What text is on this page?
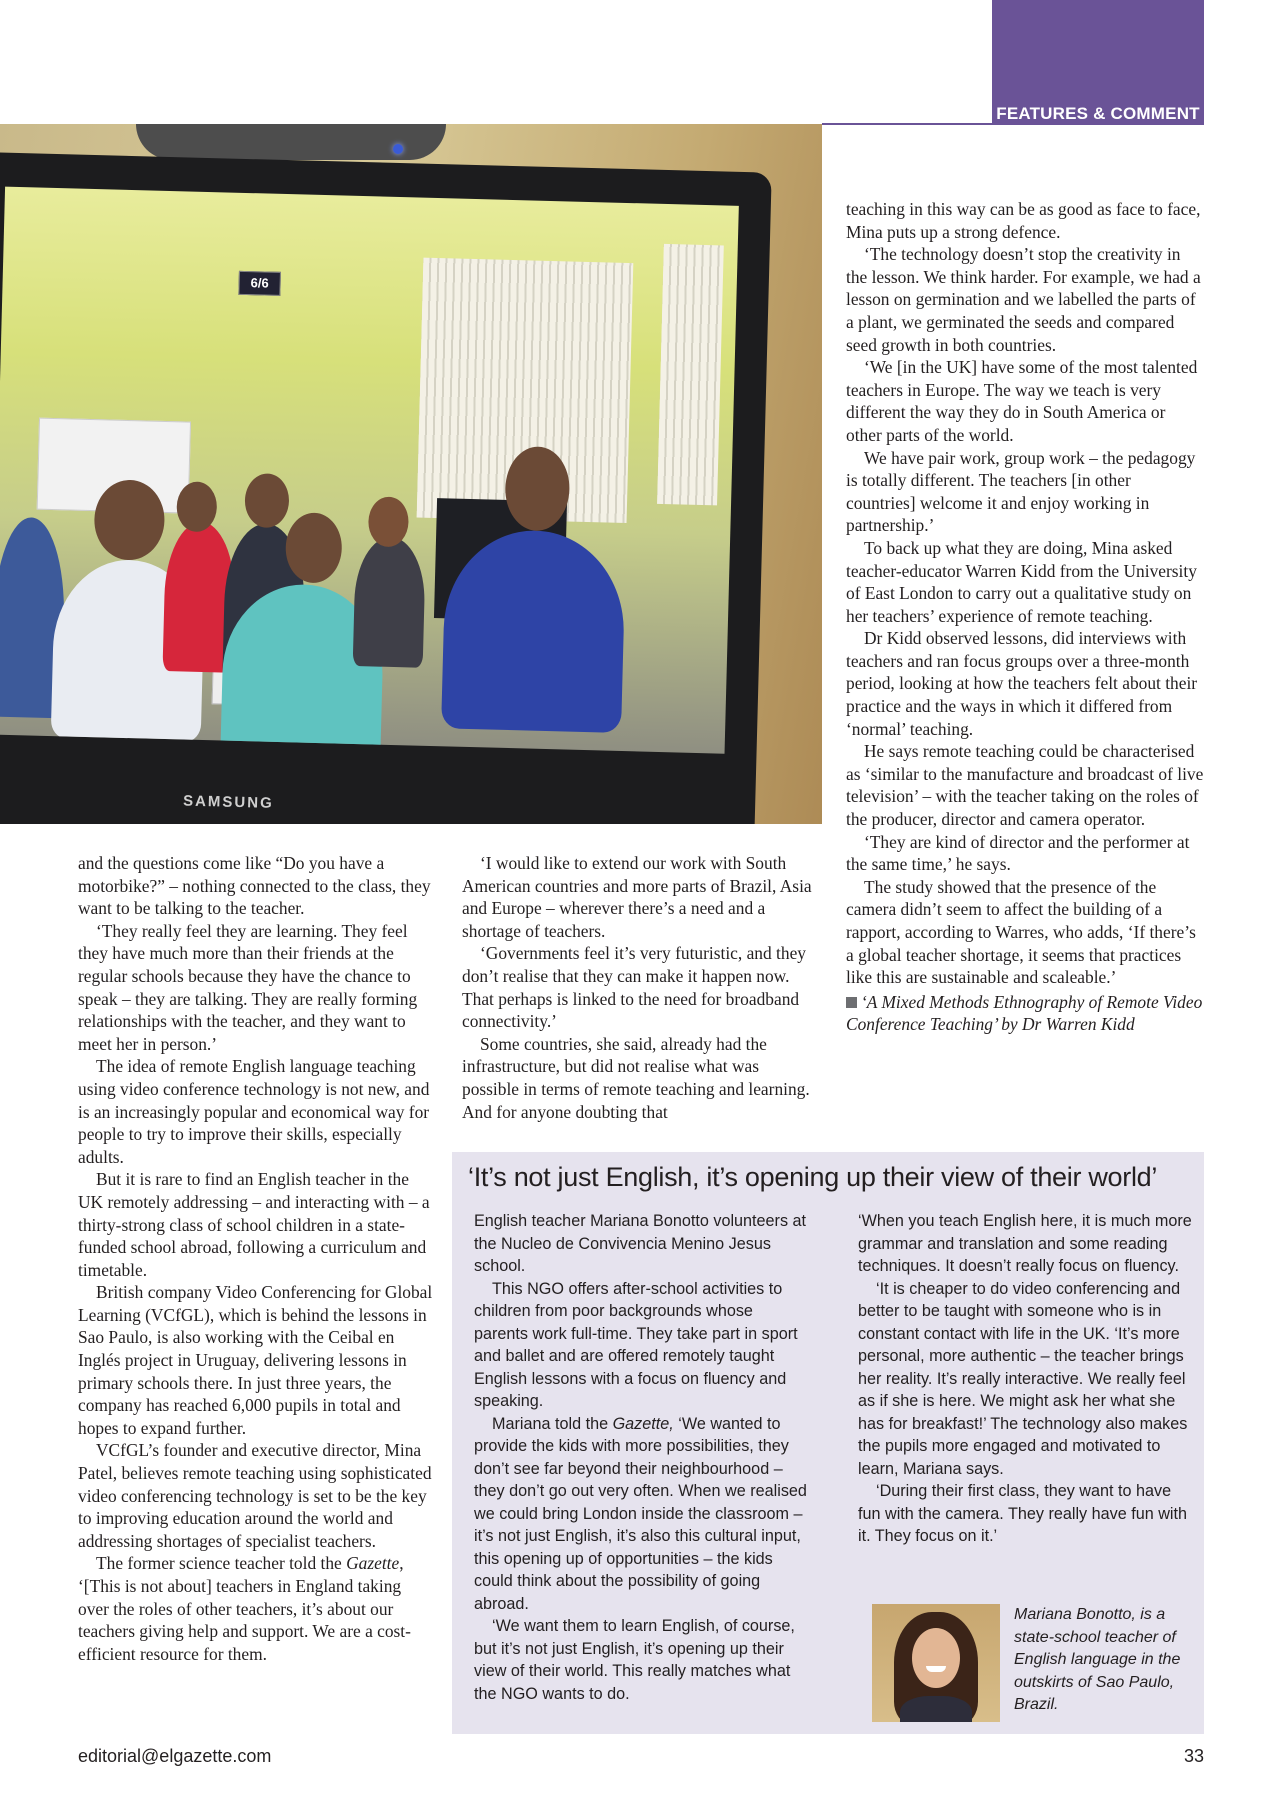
FEATURES & COMMENT
6/6
SAMSUNG

and the questions come like “Do you have a motorbike?” – nothing connected to the class, they want to be talking to the teacher.

‘They really feel they are learning. They feel they have much more than their friends at the regular schools because they have the chance to speak – they are talking. They are really forming relationships with the teacher, and they want to meet her in person.’

The idea of remote English language teaching using video conference technology is not new, and is an increasingly popular and economical way for people to try to improve their skills, especially adults.

But it is rare to find an English teacher in the UK remotely addressing – and interacting with – a thirty-strong class of school children in a state-funded school abroad, following a curriculum and timetable.

British company Video Conferencing for Global Learning (VCfGL), which is behind the lessons in Sao Paulo, is also working with the Ceibal en Inglés project in Uruguay, delivering lessons in primary schools there. In just three years, the company has reached 6,000 pupils in total and hopes to expand further.

VCfGL’s founder and executive director, Mina Patel, believes remote teaching using sophisticated video conferencing technology is set to be the key to improving education around the world and addressing shortages of specialist teachers.

The former science teacher told the Gazette, ‘[This is not about] teachers in England taking over the roles of other teachers, it’s about our teachers giving help and support. We are a cost-efficient resource for them.

‘I would like to extend our work with South American countries and more parts of Brazil, Asia and Europe – wherever there’s a need and a shortage of teachers.

‘Governments feel it’s very futuristic, and they don’t realise that they can make it happen now. That perhaps is linked to the need for broadband connectivity.’

Some countries, she said, already had the infrastructure, but did not realise what was possible in terms of remote teaching and learning. And for anyone doubting that

teaching in this way can be as good as face to face, Mina puts up a strong defence.

‘The technology doesn’t stop the creativity in the lesson. We think harder. For example, we had a lesson on germination and we labelled the parts of a plant, we germinated the seeds and compared seed growth in both countries.

‘We [in the UK] have some of the most talented teachers in Europe. The way we teach is very different the way they do in South America or other parts of the world.

We have pair work, group work – the pedagogy is totally different. The teachers [in other countries] welcome it and enjoy working in partnership.’

To back up what they are doing, Mina asked teacher-educator Warren Kidd from the University of East London to carry out a qualitative study on her teachers’ experience of remote teaching.

Dr Kidd observed lessons, did interviews with teachers and ran focus groups over a three-month period, looking at how the teachers felt about their practice and the ways in which it differed from ‘normal’ teaching.

He says remote teaching could be characterised as ‘similar to the manufacture and broadcast of live television’ – with the teacher taking on the roles of the producer, director and camera operator.

‘They are kind of director and the performer at the same time,’ he says.

The study showed that the presence of the camera didn’t seem to affect the building of a rapport, according to Warres, who adds, ‘If there’s a global teacher shortage, it seems that practices like this are sustainable and scaleable.’

‘A Mixed Methods Ethnography of Remote Video Conference Teaching’ by Dr Warren Kidd
‘It’s not just English, it’s opening up their view of their world’

English teacher Mariana Bonotto volunteers at the Nucleo de Convivencia Menino Jesus school.

This NGO offers after-school activities to children from poor backgrounds whose parents work full-time. They take part in sport and ballet and are offered remotely taught English lessons with a focus on fluency and speaking.

Mariana told the Gazette, ‘We wanted to provide the kids with more possibilities, they don’t see far beyond their neighbourhood – they don’t go out very often. When we realised we could bring London inside the classroom – it’s not just English, it’s also this cultural input, this opening up of opportunities – the kids could think about the possibility of going abroad.

‘We want them to learn English, of course, but it’s not just English, it’s opening up their view of their world. This really matches what the NGO wants to do.

‘When you teach English here, it is much more grammar and translation and some reading techniques. It doesn’t really focus on fluency.

‘It is cheaper to do video conferencing and better to be taught with someone who is in constant contact with life in the UK. ‘It’s more personal, more authentic – the teacher brings her reality. It’s really interactive. We really feel as if she is here. We might ask her what she has for breakfast!’ The technology also makes the pupils more engaged and motivated to learn, Mariana says.

‘During their first class, they want to have fun with the camera. They really have fun with it. They focus on it.’

Mariana Bonotto, is a state-school teacher of English language in the outskirts of Sao Paulo, Brazil.
editorial@elgazette.com	33
